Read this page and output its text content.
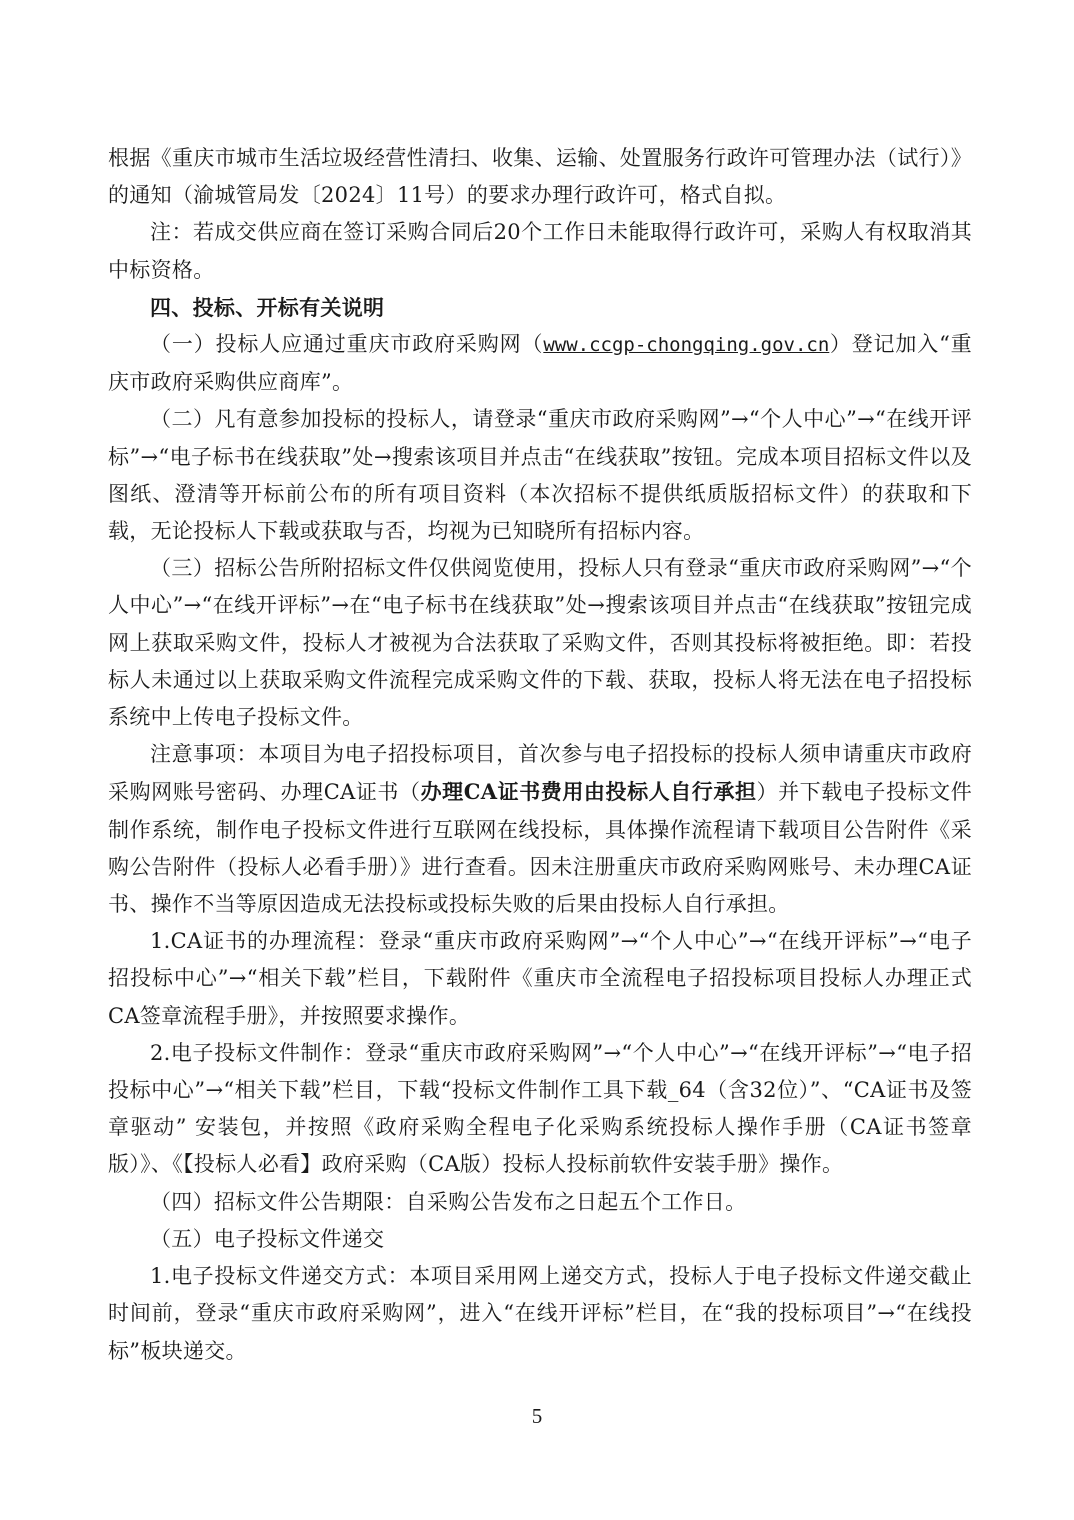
根据《重庆市城市生活垃圾经营性清扫、收集、运输、处置服务行政许可管理办法（试行）》的通知（渝城管局发〔2024〕11号）的要求办理行政许可，格式自拟。

注：若成交供应商在签订采购合同后20个工作日未能取得行政许可，采购人有权取消其中标资格。

四、投标、开标有关说明

（一）投标人应通过重庆市政府采购网（www.ccgp-chongqing.gov.cn）登记加入“重庆市政府采购供应商库”。

（二）凡有意参加投标的投标人，请登录“重庆市政府采购网”→“个人中心”→“在线开评标”→“电子标书在线获取”处→搜索该项目并点击“在线获取”按钮。完成本项目招标文件以及图纸、澄清等开标前公布的所有项目资料（本次招标不提供纸质版招标文件）的获取和下载，无论投标人下载或获取与否，均视为已知晓所有招标内容。

（三）招标公告所附招标文件仅供阅览使用，投标人只有登录“重庆市政府采购网”→“个人中心”→“在线开评标”→在“电子标书在线获取”处→搜索该项目并点击“在线获取”按钮完成网上获取采购文件，投标人才被视为合法获取了采购文件，否则其投标将被拒绝。即：若投标人未通过以上获取采购文件流程完成采购文件的下载、获取，投标人将无法在电子招投标系统中上传电子投标文件。

注意事项：本项目为电子招投标项目，首次参与电子招投标的投标人须申请重庆市政府采购网账号密码、办理CA证书（办理CA证书费用由投标人自行承担）并下载电子投标文件制作系统，制作电子投标文件进行互联网在线投标，具体操作流程请下载项目公告附件《采购公告附件（投标人必看手册）》进行查看。因未注册重庆市政府采购网账号、未办理CA证书、操作不当等原因造成无法投标或投标失败的后果由投标人自行承担。

1.CA证书的办理流程：登录“重庆市政府采购网”→“个人中心”→“在线开评标”→“电子招投标中心”→“相关下载”栏目，下载附件《重庆市全流程电子招投标项目投标人办理正式CA签章流程手册》，并按照要求操作。

2.电子投标文件制作：登录“重庆市政府采购网”→“个人中心”→“在线开评标”→“电子招投标中心”→“相关下载”栏目，下载“投标文件制作工具下载_64（含32位）”、“CA证书及签章驱动” 安装包，并按照《政府采购全程电子化采购系统投标人操作手册（CA证书签章版）》、《【投标人必看】政府采购（CA版）投标人投标前软件安装手册》操作。

（四）招标文件公告期限：自采购公告发布之日起五个工作日。

（五）电子投标文件递交

1.电子投标文件递交方式：本项目采用网上递交方式，投标人于电子投标文件递交截止时间前，登录“重庆市政府采购网”，进入“在线开评标”栏目，在“我的投标项目”→“在线投标”板块递交。

5
